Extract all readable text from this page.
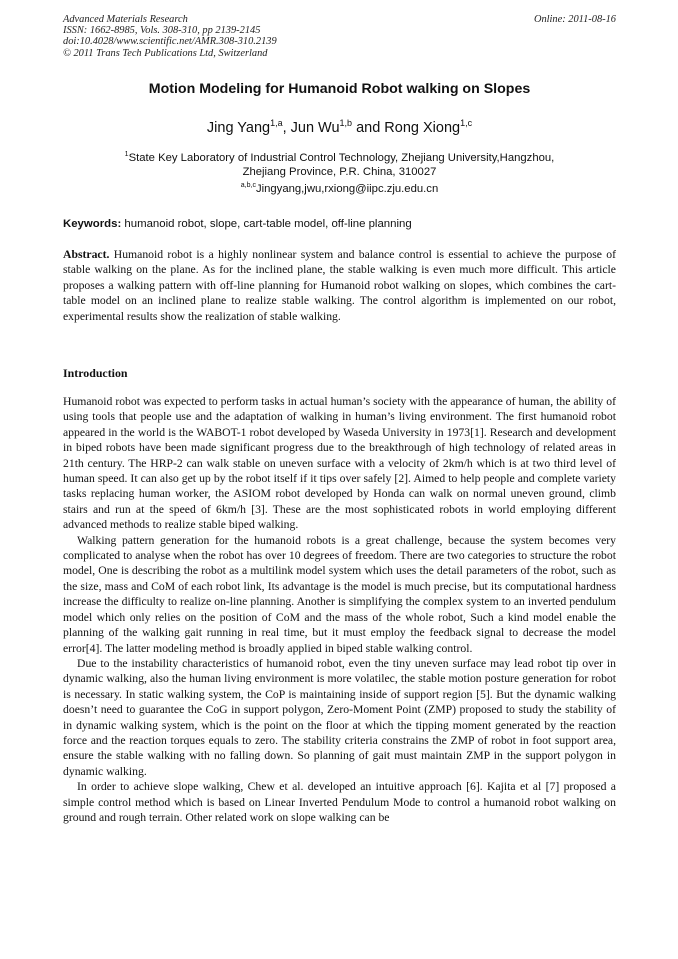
Advanced Materials Research
ISSN: 1662-8985, Vols. 308-310, pp 2139-2145
doi:10.4028/www.scientific.net/AMR.308-310.2139
© 2011 Trans Tech Publications Ltd, Switzerland
Online: 2011-08-16
Motion Modeling for Humanoid Robot walking on Slopes
Jing Yang$^{1,a}$, Jun Wu$^{1,b}$ and Rong Xiong$^{1,c}$
$^1$State Key Laboratory of Industrial Control Technology, Zhejiang University,Hangzhou,
Zhejiang Province, P.R. China, 310027
$^{a,b,c}$Jingyang,jwu,rxiong@iipc.zju.edu.cn
Keywords: humanoid robot, slope, cart-table model, off-line planning
Abstract. Humanoid robot is a highly nonlinear system and balance control is essential to achieve the purpose of stable walking on the plane. As for the inclined plane, the stable walking is even much more difficult. This article proposes a walking pattern with off-line planning for Humanoid robot walking on slopes, which combines the cart-table model on an inclined plane to realize stable walking. The control algorithm is implemented on our robot, experimental results show the realization of stable walking.
Introduction

Humanoid robot was expected to perform tasks in actual human’s society with the appearance of human, the ability of using tools that people use and the adaptation of walking in human’s living environment. The first humanoid robot appeared in the world is the WABOT-1 robot developed by Waseda University in 1973[1]. Research and development in biped robots have been made significant progress due to the breakthrough of high technology of related areas in 21th century. The HRP-2 can walk stable on uneven surface with a velocity of 2km/h which is at two third level of human speed. It can also get up by the robot itself if it tips over safely [2]. Aimed to help people and complete variety tasks replacing human worker, the ASIOM robot developed by Honda can walk on normal uneven ground, climb stairs and run at the speed of 6km/h [3]. These are the most sophisticated robots in world employing different advanced methods to realize stable biped walking.

Walking pattern generation for the humanoid robots is a great challenge, because the system becomes very complicated to analyse when the robot has over 10 degrees of freedom. There are two categories to structure the robot model, One is describing the robot as a multilink model system which uses the detail parameters of the robot, such as the size, mass and CoM of each robot link, Its advantage is the model is much precise, but its computational hardness increase the difficulty to realize on-line planning. Another is simplifying the complex system to an inverted pendulum model which only relies on the position of CoM and the mass of the whole robot, Such a kind model enable the planning of the walking gait running in real time, but it must employ the feedback signal to decrease the model error[4]. The latter modeling method is broadly applied in biped stable walking control.

Due to the instability characteristics of humanoid robot, even the tiny uneven surface may lead robot tip over in dynamic walking, also the human living environment is more volatilec, the stable motion posture generation for robot is necessary. In static walking system, the CoP is maintaining inside of support region [5]. But the dynamic walking doesn’t need to guarantee the CoG in support polygon, Zero-Moment Point (ZMP) proposed to study the stability of in dynamic walking system, which is the point on the floor at which the tipping moment generated by the reaction force and the reaction torques equals to zero. The stability criteria constrains the ZMP of robot in foot support area, ensure the stable walking with no falling down. So planning of gait must maintain ZMP in the support polygon in dynamic walking.

In order to achieve slope walking, Chew et al. developed an intuitive approach [6]. Kajita et al [7] proposed a simple control method which is based on Linear Inverted Pendulum Mode to control a humanoid robot walking on ground and rough terrain. Other related work on slope walking can be
